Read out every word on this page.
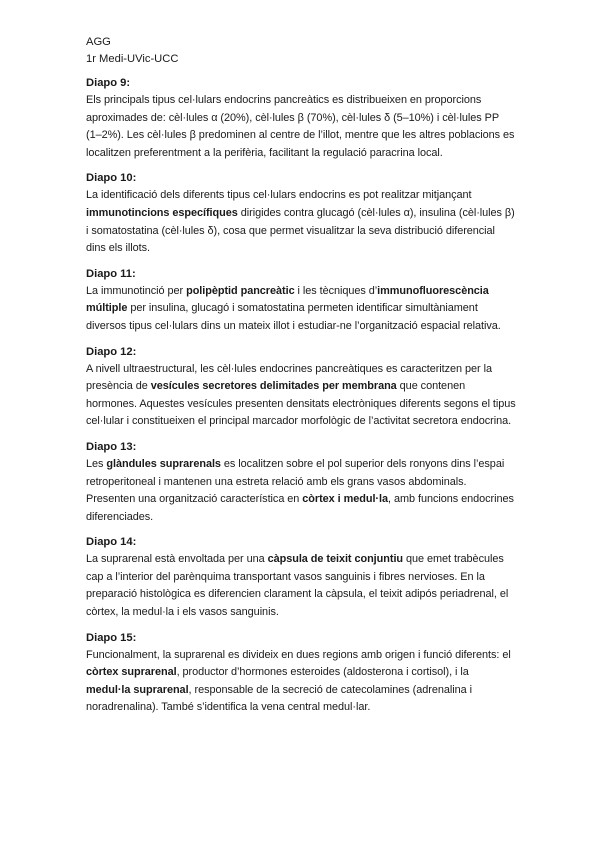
AGG

1r Medi-UVic-UCC

Diapo 9:

Els principals tipus cel·lulars endocrins pancreàtics es distribueixen en proporcions aproximades de: cèl·lules α (20%), cèl·lules β (70%), cèl·lules δ (5–10%) i cèl·lules PP (1–2%). Les cèl·lules β predominen al centre de l’illot, mentre que les altres poblacions es localitzen preferentment a la perifèria, facilitant la regulació paracrina local.

Diapo 10:

La identificació dels diferents tipus cel·lulars endocrins es pot realitzar mitjançant immunotincions específiques dirigides contra glucagó (cèl·lules α), insulina (cèl·lules β) i somatostatina (cèl·lules δ), cosa que permet visualitzar la seva distribució diferencial dins els illots.

Diapo 11:

La immunotinció per polipèptid pancreàtic i les tècniques d’immunofluorescència múltiple per insulina, glucagó i somatostatina permeten identificar simultàniament diversos tipus cel·lulars dins un mateix illot i estudiar-ne l’organització espacial relativa.

Diapo 12:

A nivell ultraestructural, les cèl·lules endocrines pancreàtiques es caracteritzen per la presència de vesícules secretores delimitades per membrana que contenen hormones. Aquestes vesícules presenten densitats electròniques diferents segons el tipus cel·lular i constitueixen el principal marcador morfològic de l’activitat secretora endocrina.

Diapo 13:

Les glàndules suprarenals es localitzen sobre el pol superior dels ronyons dins l’espai retroperitoneal i mantenen una estreta relació amb els grans vasos abdominals. Presenten una organització característica en còrtex i medul·la, amb funcions endocrines diferenciades.

Diapo 14:

La suprarenal està envoltada per una càpsula de teixit conjuntiu que emet trabècules cap a l’interior del parènquima transportant vasos sanguinis i fibres nervioses. En la preparació histològica es diferencien clarament la càpsula, el teixit adipós periadrenal, el còrtex, la medul·la i els vasos sanguinis.

Diapo 15:

Funcionalment, la suprarenal es divideix en dues regions amb origen i funció diferents: el còrtex suprarenal, productor d’hormones esteroides (aldosterona i cortisol), i la medul·la suprarenal, responsable de la secreció de catecolamines (adrenalina i noradrenalina). També s’identifica la vena central medul·lar.
